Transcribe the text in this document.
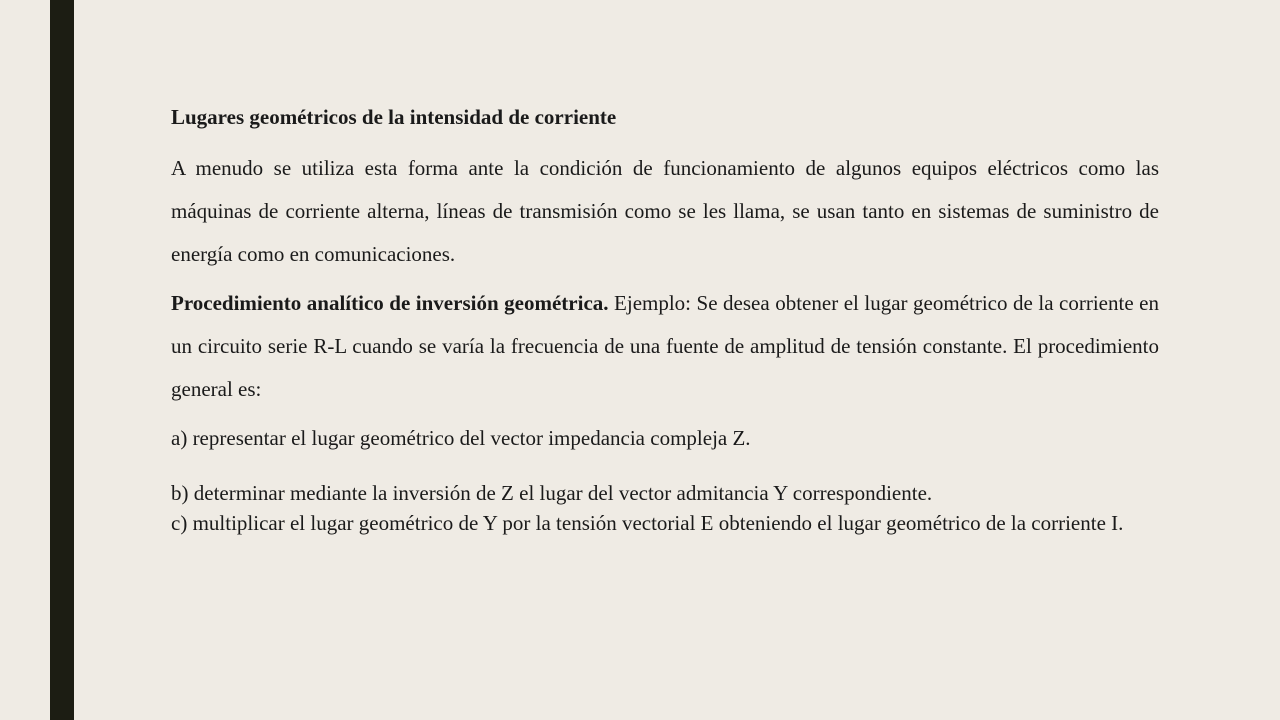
Lugares geométricos de la intensidad de corriente

A menudo se utiliza esta forma ante la condición de funcionamiento de algunos equipos eléctricos como las máquinas de corriente alterna, líneas de transmisión como se les llama, se usan tanto en sistemas de suministro de energía como en comunicaciones.

Procedimiento analítico de inversión geométrica. Ejemplo: Se desea obtener el lugar geométrico de la corriente en un circuito serie R-L cuando se varía la frecuencia de una fuente de amplitud de tensión constante. El procedimiento general es:

a) representar el lugar geométrico del vector impedancia compleja Z.

b) determinar mediante la inversión de Z el lugar del vector admitancia Y correspondiente.

c) multiplicar el lugar geométrico de Y por la tensión vectorial E obteniendo el lugar geométrico de la corriente I.
